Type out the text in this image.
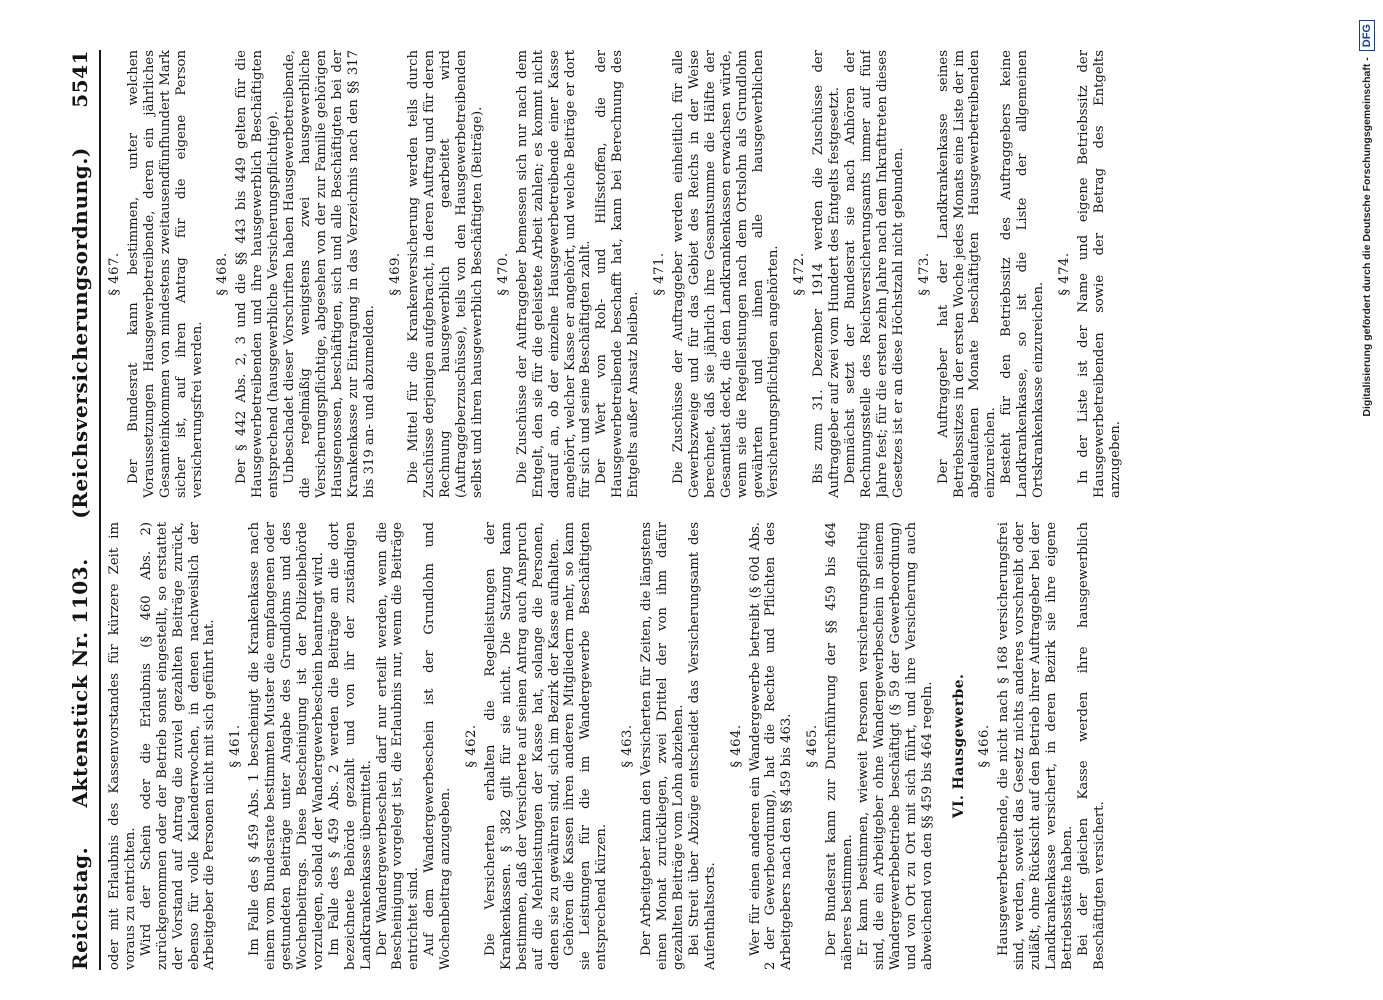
Digitalisierung gefördert durch die Deutsche Forschungsgemeinschaft -
DFG
Reichstag.
Aktenstück Nr. 1103.
(Reichsversicherungsordnung.)
5541

oder mit Erlaubnis des Kassenvorstandes für kürzere Zeit im voraus zu entrichten. Wird der Schein oder die Erlaubnis (§ 460 Abs. 2) zurückgenommen oder der Betrieb sonst eingestellt, so erstattet der Vorstand auf Antrag die zuviel gezahlten Beiträge zurück, ebenso für volle Kalenderwochen, in denen nachweislich der Arbeitgeber die Personen nicht mit sich geführt hat. § 461. Im Falle des § 459 Abs. 1 bescheinigt die Krankenkasse nach einem vom Bundesrate bestimmten Muster die empfangenen oder gestundeten Beiträge unter Angabe des Grundlohns und des Wochenbeitrags. Diese Bescheinigung ist der Polizeibehörde vorzulegen, sobald der Wandergewerbeschein beantragt wird. Im Falle des § 459 Abs. 2 werden die Beiträge an die dort bezeichnete Behörde gezahlt und von ihr der zuständigen Landkrankenkasse übermittelt. Der Wandergewerbeschein darf nur erteilt werden, wenn die Bescheinigung vorgelegt ist, die Erlaubnis nur, wenn die Beiträge entrichtet sind. Auf dem Wandergewerbeschein ist der Grundlohn und Wochenbeitrag anzugeben.

§ 462. Die Versicherten erhalten die Regelleistungen der Krankenkassen. § 382 gilt für sie nicht. Die Satzung kann bestimmen, daß der Versicherte auf seinen Antrag auch Anspruch auf die Mehrleistungen der Kasse hat, solange die Personen, denen sie zu gewähren sind, sich im Bezirk der Kasse aufhalten. Gehören die Kassen ihren anderen Mitgliedern mehr, so kann sie Leistungen für die im Wandergewerbe Beschäftigten entsprechend kürzen.

§ 463. Der Arbeitgeber kann den Versicherten für Zeiten, die längstens einen Monat zurückliegen, zwei Drittel der von ihm dafür gezahlten Beiträge vom Lohn abziehen. Bei Streit über Abzüge entscheidet das Versicherungsamt des Aufenthaltsorts.

§ 464. Wer für einen anderen ein Wandergewerbe betreibt (§ 60d Abs. 2 der Gewerbeordnung), hat die Rechte und Pflichten des Arbeitgebers nach den §§ 459 bis 463. § 465. Der Bundesrat kann zur Durchführung der §§ 459 bis 464 näheres bestimmen. Er kann bestimmen, wieweit Personen versicherungspflichtig sind, die ein Arbeitgeber ohne Wandergewerbeschein in seinem Wandergewerbebetriebe beschäftigt (§ 59 der Gewerbeordnung) und von Ort zu Ort mit sich führt, und ihre Versicherung auch abweichend von den §§ 459 bis 464 regeln. VI. Hausgewerbe. § 466. Hausgewerbetreibende, die nicht nach § 168 versicherungsfrei sind, werden, soweit das Gesetz nichts anderes vorschreibt oder zuläßt, ohne Rücksicht auf den Betrieb ihrer Auftraggeber bei der Landkrankenkasse versichert, in deren Bezirk sie ihre eigene Betriebsstätte haben. Bei der gleichen Kasse werden ihre hausgewerblich Beschäftigten versichert.

§ 467. Der Bundesrat kann bestimmen, unter welchen Voraussetzungen Hausgewerbetreibende, deren ein jährliches Gesamteinkommen von mindestens zweitausendfünfhundert Mark sicher ist, auf ihren Antrag für die eigene Person versicherungsfrei werden.

§ 468. Der § 442 Abs. 2, 3 und die §§ 443 bis 449 gelten für die Hausgewerbetreibenden und ihre hausgewerblich Beschäftigten entsprechend (hausgewerbliche Versicherungspflichtige). Unbeschadet dieser Vorschriften haben Hausgewerbetreibende, die regelmäßig wenigstens zwei hausgewerbliche Versicherungspflichtige, abgesehen von der zur Familie gehörigen Hausgenossen, beschäftigen, sich und alle Beschäftigten bei der Krankenkasse zur Eintragung in das Verzeichnis nach den §§ 317 bis 319 an- und abzumelden.

§ 469. Die Mittel für die Krankenversicherung werden teils durch Zuschüsse derjenigen aufgebracht, in deren Auftrag und für deren Rechnung hausgewerblich gearbeitet wird (Auftraggeberzuschüsse), teils von den Hausgewerbetreibenden selbst und ihren hausgewerblich Beschäftigten (Beiträge). § 470. Die Zuschüsse der Auftraggeber bemessen sich nur nach dem Entgelt, den sie für die geleistete Arbeit zahlen; es kommt nicht darauf an, ob der einzelne Hausgewerbetreibende einer Kasse angehört, welcher Kasse er angehört, und welche Beiträge er dort für sich und seine Beschäftigten zahlt. Der Wert von Roh- und Hilfsstoffen, die der Hausgewerbetreibende beschafft hat, kann bei Berechnung des Entgelts außer Ansatz bleiben.

§ 471. Die Zuschüsse der Auftraggeber werden einheitlich für alle Gewerbszweige und für das Gebiet des Reichs in der Weise berechnet, daß sie jährlich ihre Gesamtsumme die Hälfte der Gesamtlast deckt, die den Landkrankenkassen erwachsen würde, wenn sie die Regelleistungen nach dem Ortslohn als Grundlohn gewährten und ihnen alle hausgewerblichen Versicherungspflichtigen angehörten. § 472. Bis zum 31. Dezember 1914 werden die Zuschüsse der Auftraggeber auf zwei vom Hundert des Entgelts festgesetzt. Demnächst setzt der Bundesrat sie nach Anhören der Rechnungsstelle des Reichsversicherungsamts immer auf fünf Jahre fest; für die ersten zehn Jahre nach dem Inkrafttreten dieses Gesetzes ist er an diese Höchstzahl nicht gebunden. § 473. Der Auftraggeber hat der Landkrankenkasse seines Betriebssitzes in der ersten Woche jedes Monats eine Liste der im abgelaufenen Monate beschäftigten Hausgewerbetreibenden einzureichen. Besteht für den Betriebssitz des Auftraggebers keine Landkrankenkasse, so ist die Liste der allgemeinen Ortskrankenkasse einzureichen.

§ 474. In der Liste ist der Name und eigene Betriebssitz der Hausgewerbetreibenden sowie der Betrag des Entgelts anzugeben.
